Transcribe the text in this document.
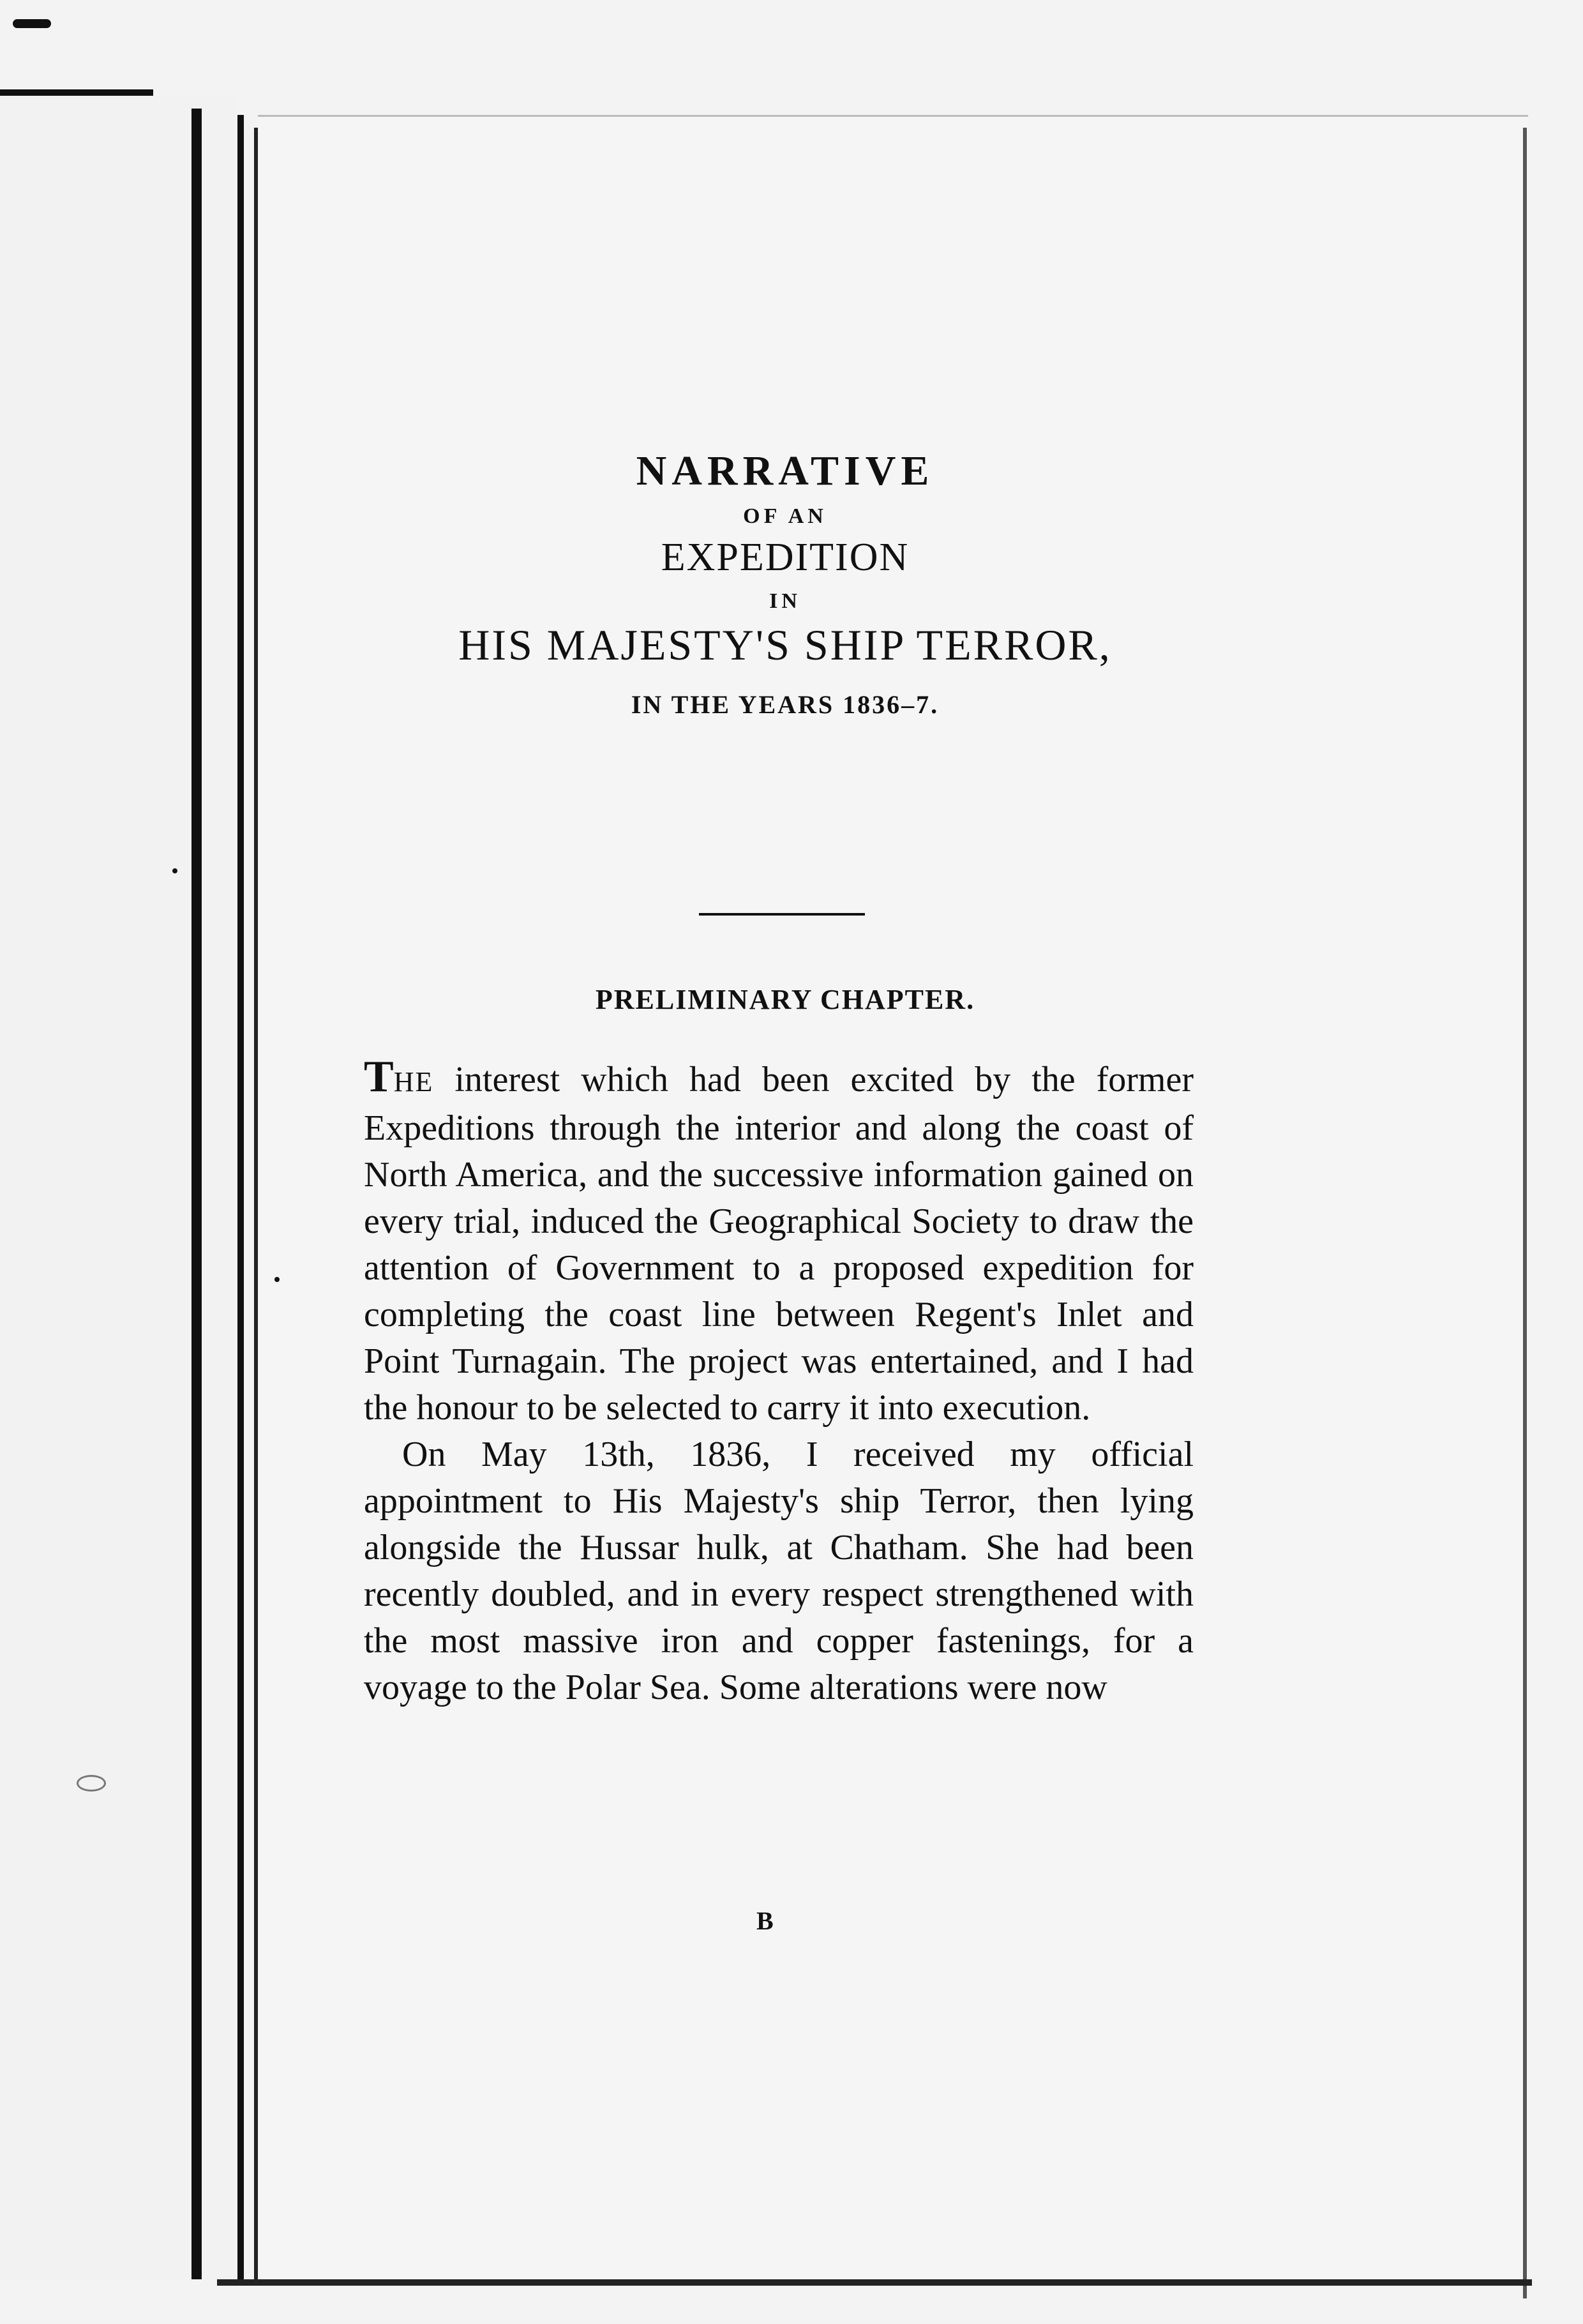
NARRATIVE
OF AN
EXPEDITION
IN
HIS MAJESTY'S SHIP TERROR,
IN THE YEARS 1836–7.
PRELIMINARY CHAPTER.

THE interest which had been excited by the former Expeditions through the interior and along the coast of North America, and the successive information gained on every trial, induced the Geographical Society to draw the attention of Government to a proposed expedition for completing the coast line between Regent's Inlet and Point Turnagain. The project was entertained, and I had the honour to be selected to carry it into execution.

On May 13th, 1836, I received my official appointment to His Majesty's ship Terror, then lying alongside the Hussar hulk, at Chatham. She had been recently doubled, and in every respect strengthened with the most massive iron and copper fastenings, for a voyage to the Polar Sea. Some alterations were now

B
